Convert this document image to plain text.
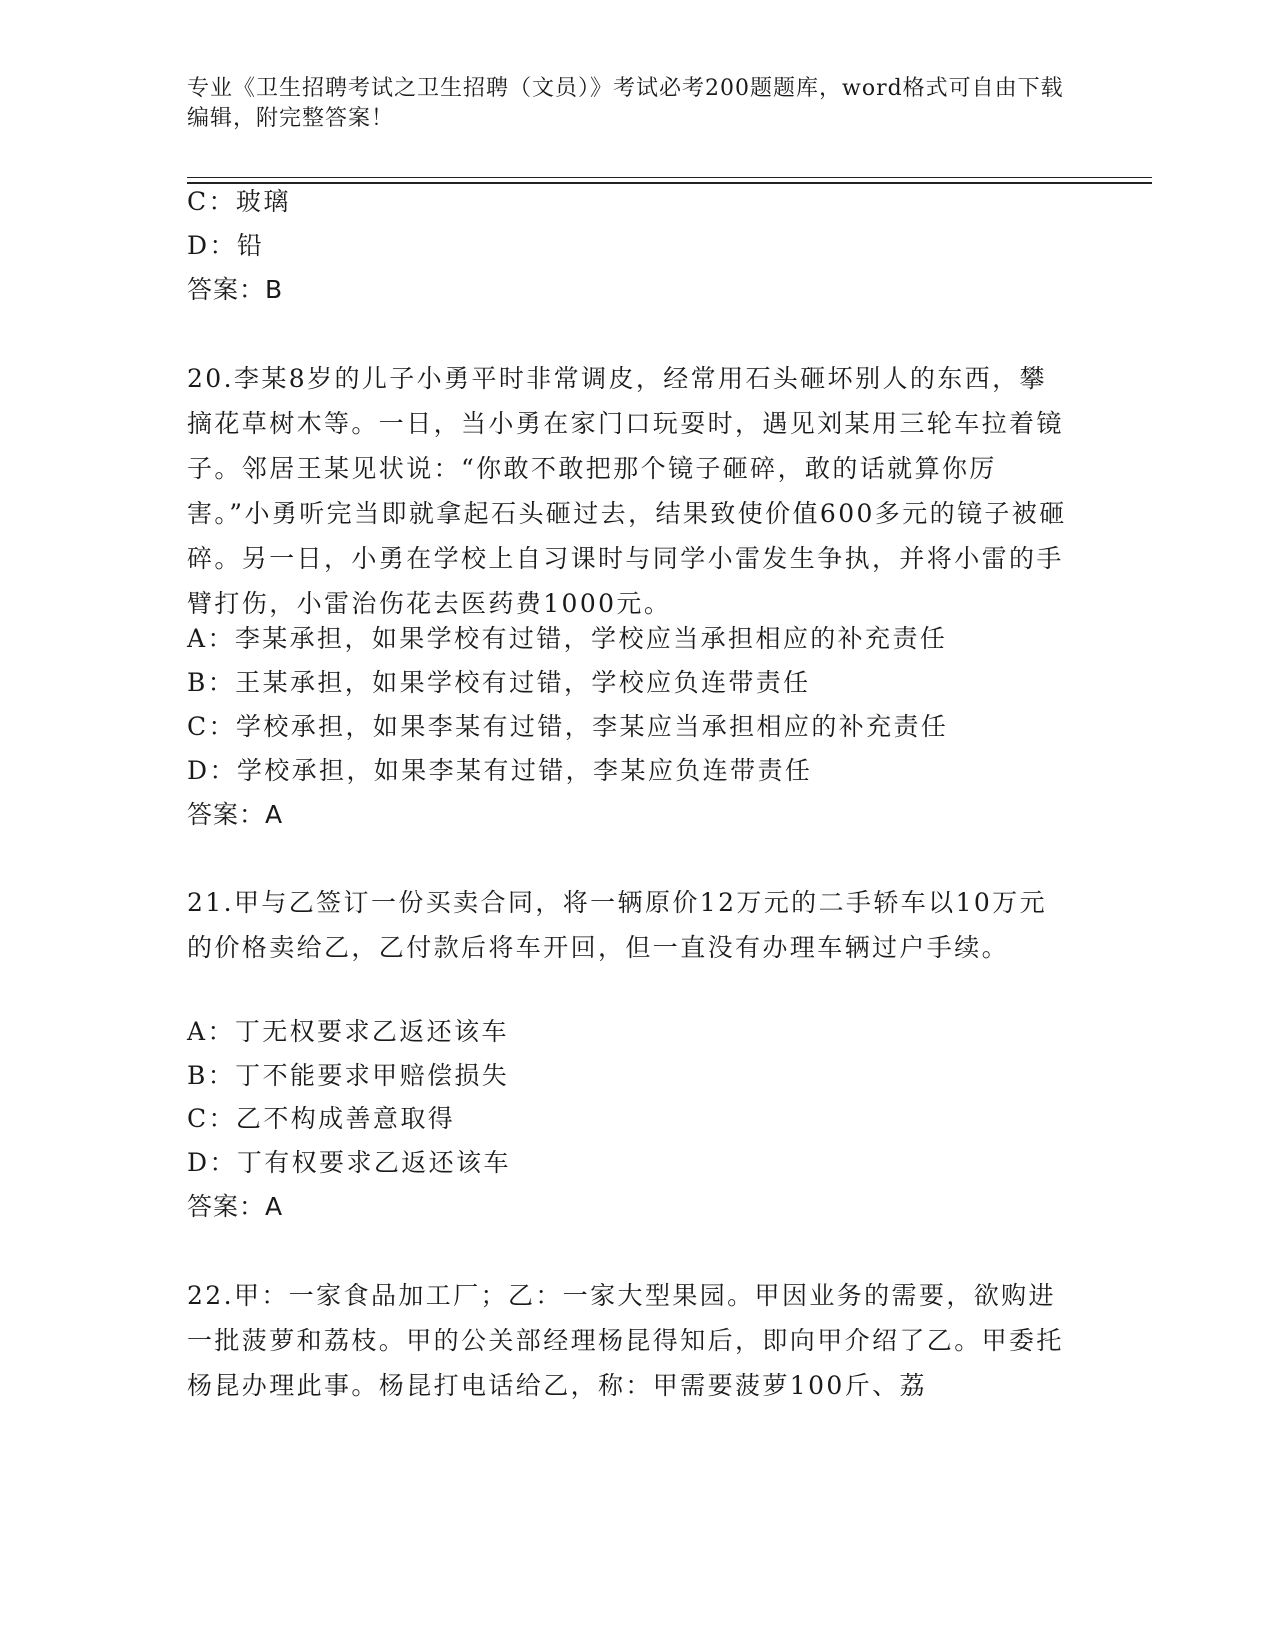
专业《卫生招聘考试之卫生招聘（文员）》考试必考200题题库，word格式可自由下载编辑，附完整答案！
C：玻璃
D：铅
答案：B
20.李某8岁的儿子小勇平时非常调皮，经常用石头砸坏别人的东西，攀摘花草树木等。一日，当小勇在家门口玩耍时，遇见刘某用三轮车拉着镜子。邻居王某见状说：“你敢不敢把那个镜子砸碎，敢的话就算你厉害。”小勇听完当即就拿起石头砸过去，结果致使价值600多元的镜子被砸碎。另一日，小勇在学校上自习课时与同学小雷发生争执，并将小雷的手臂打伤，小雷治伤花去医药费1000元。
A：李某承担，如果学校有过错，学校应当承担相应的补充责任
B：王某承担，如果学校有过错，学校应负连带责任
C：学校承担，如果李某有过错，李某应当承担相应的补充责任
D：学校承担，如果李某有过错，李某应负连带责任
答案：A
21.甲与乙签订一份买卖合同，将一辆原价12万元的二手轿车以10万元的价格卖给乙，乙付款后将车开回，但一直没有办理车辆过户手续。
A：丁无权要求乙返还该车
B：丁不能要求甲赔偿损失
C：乙不构成善意取得
D：丁有权要求乙返还该车
答案：A
22.甲：一家食品加工厂；乙：一家大型果园。甲因业务的需要，欲购进一批菠萝和荔枝。甲的公关部经理杨昆得知后，即向甲介绍了乙。甲委托杨昆办理此事。杨昆打电话给乙，称：甲需要菠萝100斤、荔
